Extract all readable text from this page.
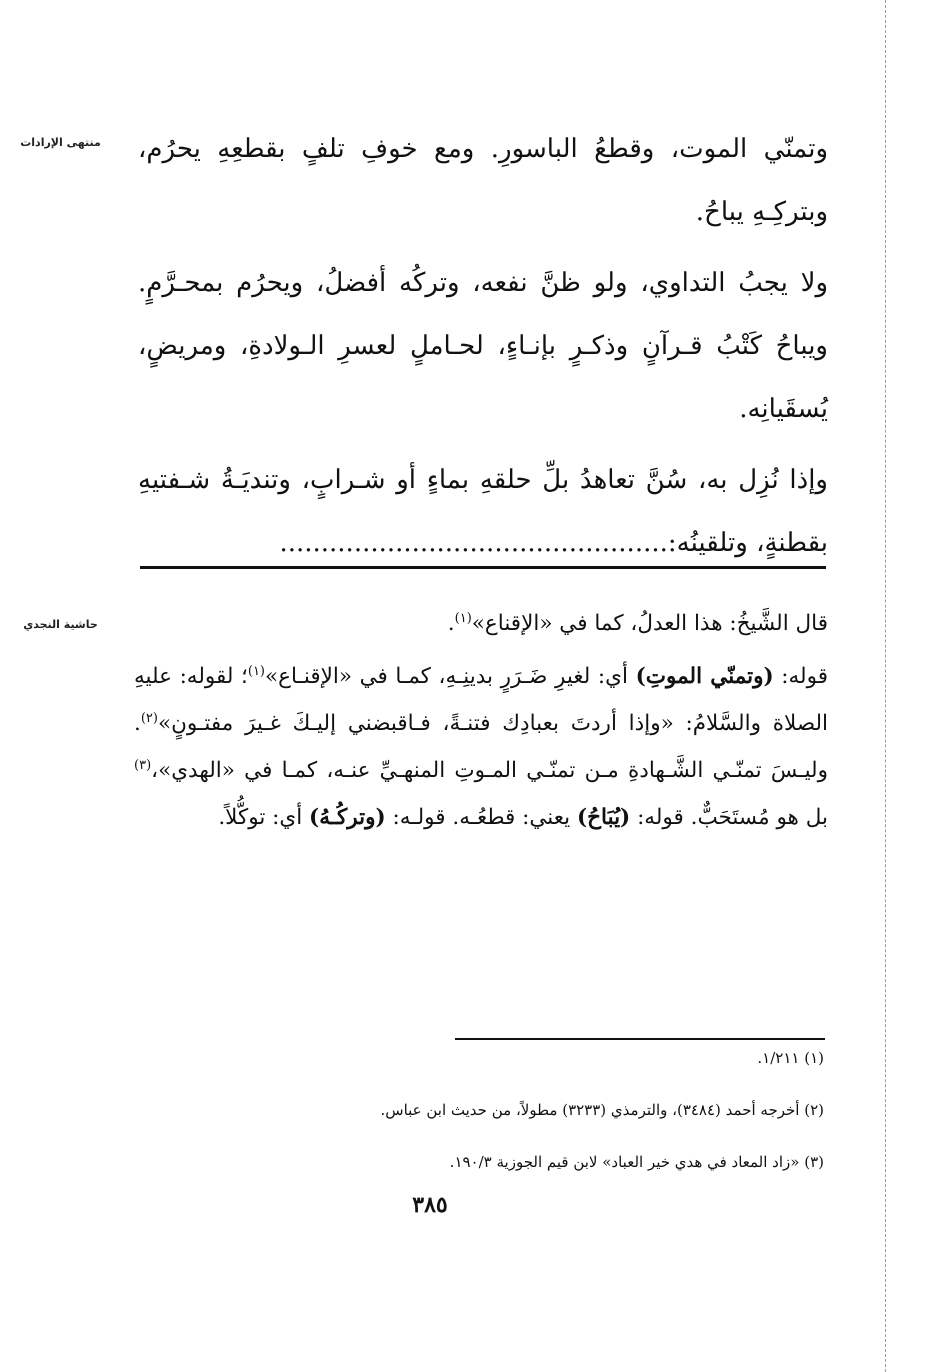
منتهى الإرادات	وتمنّي الموت، وقطعُ الباسورِ. ومع خوفِ تلفٍ بقطعِهِ يحرُم، وبتركِـهِ يباحُ.

ولا يجبُ التداوي، ولو ظنَّ نفعه، وتركُه أفضلُ، ويحرُم بمحـرَّمٍ. ويباحُ كَتْبُ قـرآنٍ وذكـرٍ بإنـاءٍ، لحـاملٍ لعسرِ الـولادةِ، ومريضٍ، يُسقَيانِه.

وإذا نُزِل به، سُنَّ تعاهدُ بلِّ حلقهِ بماءٍ أو شـرابٍ، وتنديَـةُ شـفتيهِ بقطنةٍ، وتلقينُه:...............................................

حاشية النجدي	قال الشَّيخُ: هذا العدلُ، كما في «الإقناع»$^{(١)}$.

قوله: (وتمنّي الموتِ) أي: لغيرِ ضَـرَرٍ بدينِـهِ، كمـا في «الإقنـاع»$^{(١)}$؛ لقوله: عليهِ الصلاة والسَّلامُ: «وإذا أردتَ بعبادِك فتنـةً، فـاقبضني إليـكَ غـيرَ مفتـونٍ»$^{(٢)}$. وليـسَ تمنّـي الشَّـهادةِ مـن تمنّـي المـوتِ المنهـيِّ عنـه، كمـا في «الهدي»،$^{(٣)}$ بل هو مُستَحَبٌّ. قوله: (يُبَاحُ) يعني: قطعُـه. قولـه: (وتركُـهُ) أي: توكُّلاً.

(١) ١/٢١١.
(٢) أخرجه أحمد (٣٤٨٤)، والترمذي (٣٢٣٣) مطولاً، من حديث ابن عباس.
(٣) «زاد المعاد في هدي خير العباد» لابن قيم الجوزية ١٩٠/٣.
٣٨٥
